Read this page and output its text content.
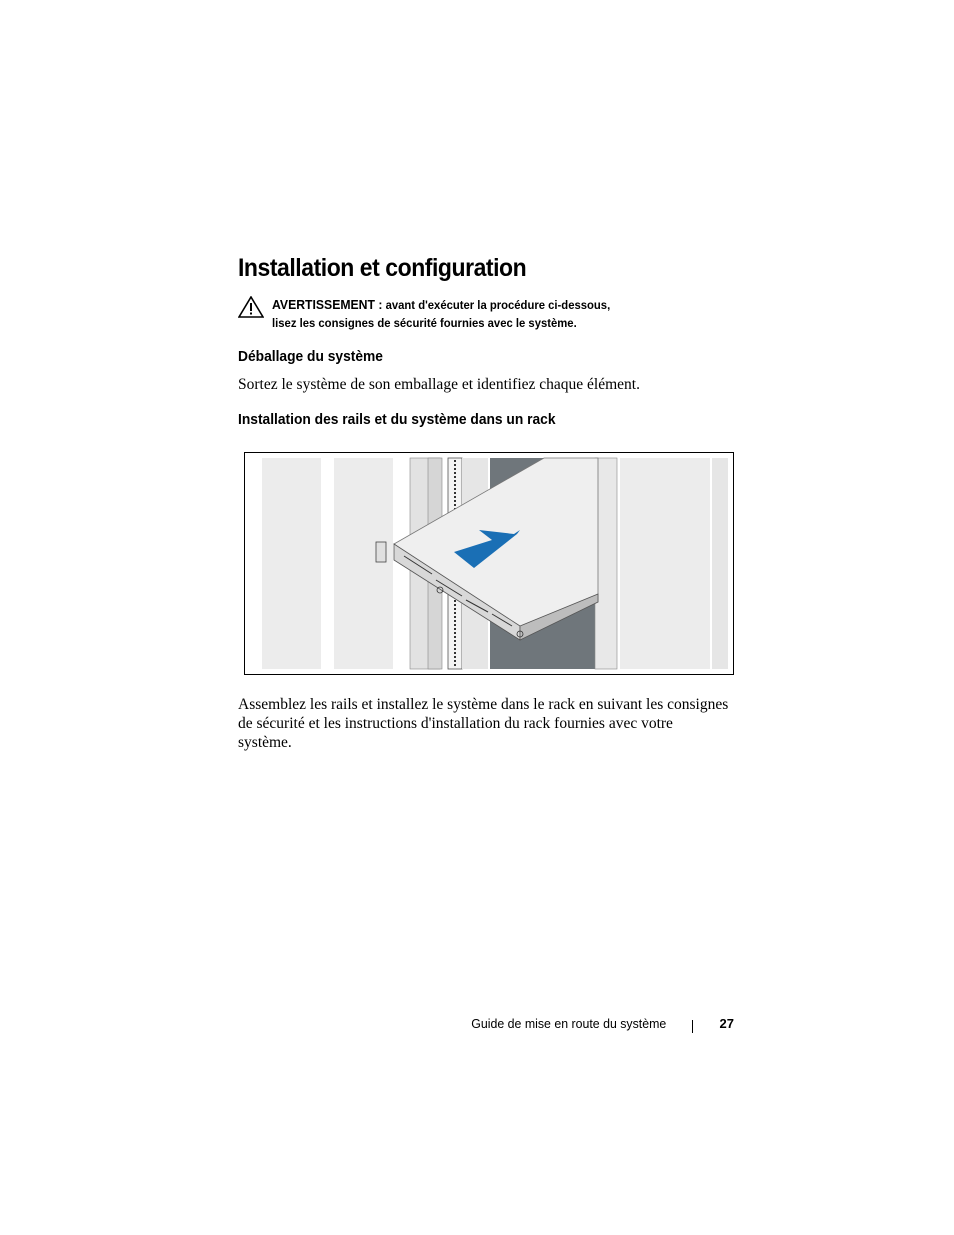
Installation et configuration
AVERTISSEMENT : avant d'exécuter la procédure ci-dessous,
lisez les consignes de sécurité fournies avec le système.
Déballage du système

Sortez le système de son emballage et identifiez chaque élément.

Installation des rails et du système dans un rack

Assemblez les rails et installez le système dans le rack en suivant les consignes

de sécurité et les instructions d'installation du rack fournies avec votre

système.

Guide de mise en route du système	27
